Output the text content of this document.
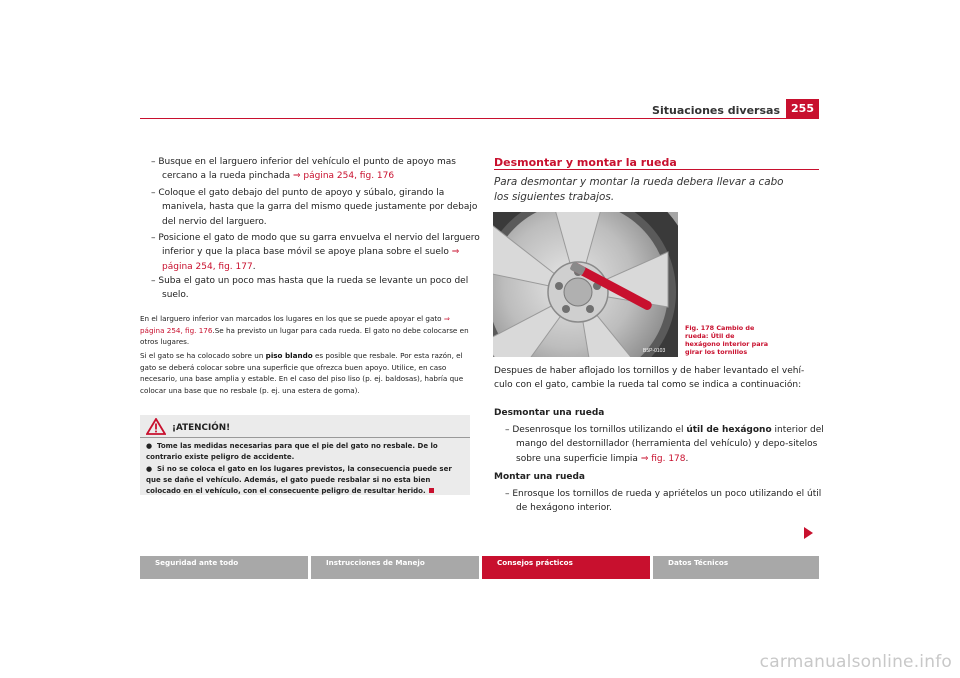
Situaciones diversas	255
– Busque en el larguero inferior del vehículo el punto de apoyo mas cercano a la rueda pinchada ⇒ página 254, fig. 176
– Coloque el gato debajo del punto de apoyo y súbalo, girando la manivela, hasta que la garra del mismo quede justamente por debajo del nervio del larguero.
– Posicione el gato de modo que su garra envuelva el nervio del larguero inferior y que la placa base móvil se apoye plana sobre el suelo ⇒ página 254, fig. 177.
– Suba el gato un poco mas hasta que la rueda se levante un poco del suelo.
En el larguero inferior van marcados los lugares en los que se puede apoyar el gato ⇒ página 254, fig. 176.Se ha previsto un lugar para cada rueda. El gato no debe colocarse en otros lugares.
Si el gato se ha colocado sobre un piso blando es posible que resbale. Por esta razón, el gato se deberá colocar sobre una superficie que ofrezca buen apoyo. Utilice, en caso necesario, una base amplia y estable. En el caso del piso liso (p. ej. baldosas), habría que colocar una base que no resbale (p. ej. una estera de goma).
¡ATENCIÓN!
●  Tome las medidas necesarias para que el pie del gato no resbale. De lo contrario existe peligro de accidente.
●  Si no se coloca el gato en los lugares previstos, la consecuencia puede ser que se dañe el vehículo. Además, el gato puede resbalar si no esta bien colocado en el vehículo, con el consecuente peligro de resultar herido.
Desmontar y montar la rueda
Para desmontar y montar la rueda debera llevar a cabo los siguientes trabajos.
B5P-0103
Fig. 178 Cambio de rueda: Útil de hexágono interior para girar los tornillos
Despues de haber aflojado los tornillos y de haber levantado el vehí-culo con el gato, cambie la rueda tal como se indica a continuación:
Desmontar una rueda
– Desenrosque los tornillos utilizando el útil de hexágono interior del mango del destornillador (herramienta del vehículo) y depo-sitelos sobre una superficie limpia ⇒ fig. 178.
Montar una rueda
– Enrosque los tornillos de rueda y apriételos un poco utilizando el útil de hexágono interior.
Seguridad ante todo	Instrucciones de Manejo	Consejos prácticos	Datos Técnicos
carmanualsonline.info
